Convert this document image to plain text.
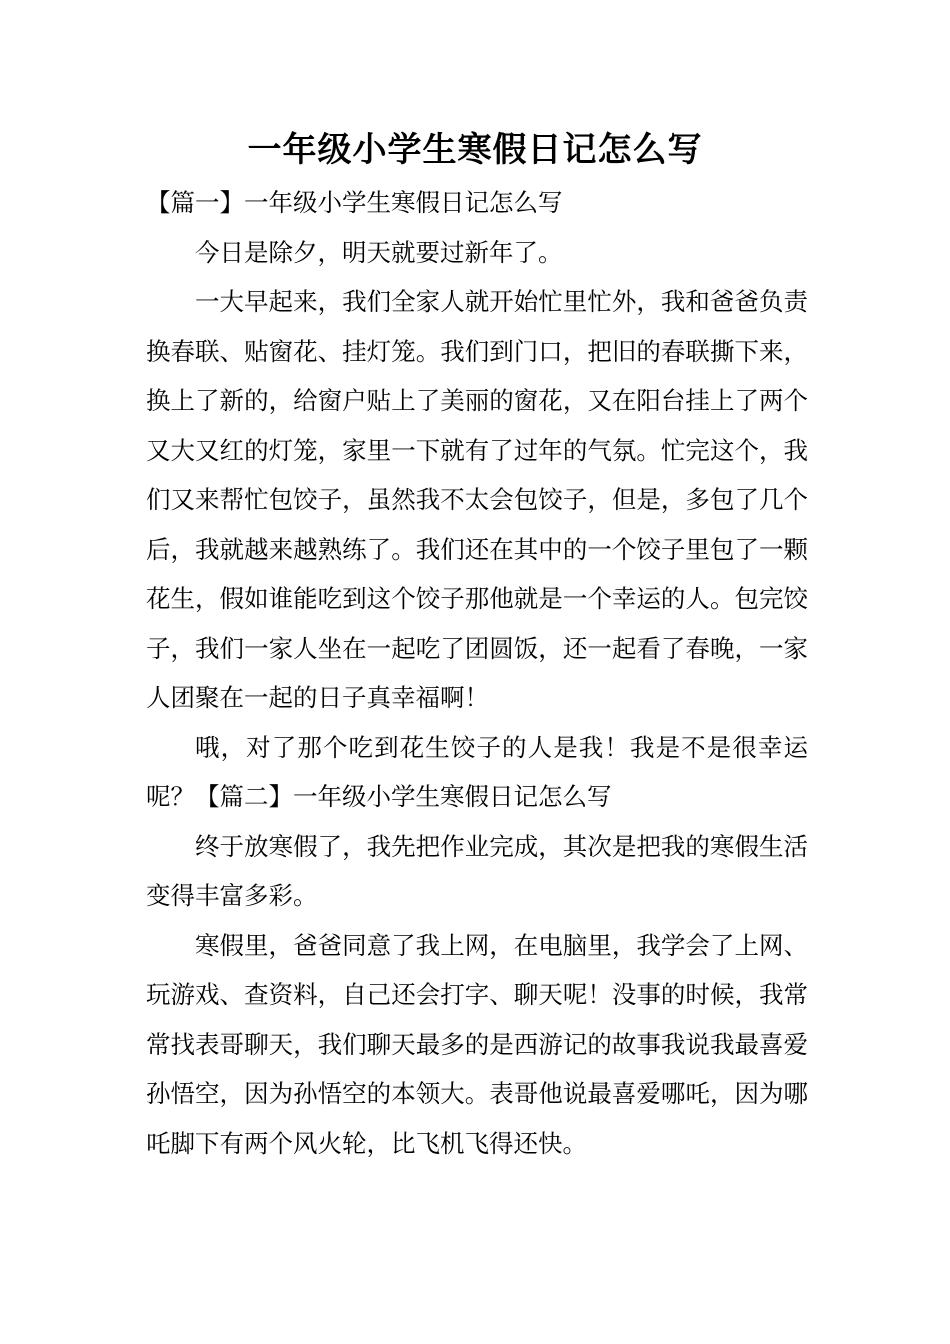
一年级小学生寒假日记怎么写

【篇一】一年级小学生寒假日记怎么写

今日是除夕，明天就要过新年了。

一大早起来，我们全家人就开始忙里忙外，我和爸爸负责换春联、贴窗花、挂灯笼。我们到门口，把旧的春联撕下来，换上了新的，给窗户贴上了美丽的窗花，又在阳台挂上了两个又大又红的灯笼，家里一下就有了过年的气氛。忙完这个，我们又来帮忙包饺子，虽然我不太会包饺子，但是，多包了几个后，我就越来越熟练了。我们还在其中的一个饺子里包了一颗花生，假如谁能吃到这个饺子那他就是一个幸运的人。包完饺子，我们一家人坐在一起吃了团圆饭，还一起看了春晚，一家人团聚在一起的日子真幸福啊！

哦，对了那个吃到花生饺子的人是我！我是不是很幸运呢？【篇二】一年级小学生寒假日记怎么写

终于放寒假了，我先把作业完成，其次是把我的寒假生活变得丰富多彩。

寒假里，爸爸同意了我上网，在电脑里，我学会了上网、玩游戏、查资料，自己还会打字、聊天呢！没事的时候，我常常找表哥聊天，我们聊天最多的是西游记的故事我说我最喜爱孙悟空，因为孙悟空的本领大。表哥他说最喜爱哪吒，因为哪吒脚下有两个风火轮，比飞机飞得还快。
